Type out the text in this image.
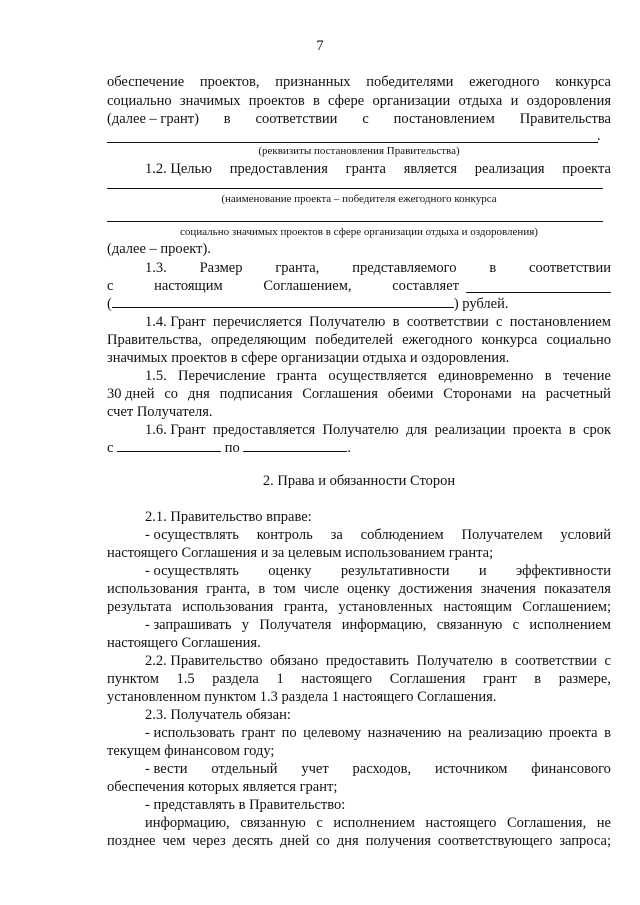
7
обеспечение проектов, признанных победителями ежегодного конкурса
социально значимых проектов в сфере организации отдыха и оздоровления
(далее – грант) в соответствии с постановлением Правительства
.
(реквизиты постановления Правительства)
1.2. Целью предоставления гранта является реализация проекта
(наименование проекта – победителя ежегодного конкурса
социально значимых проектов в сфере организации отдыха и оздоровления)
(далее – проект).
1.3. Размер гранта, представляемого в соответствии
с	настоящим	Соглашением,	составляет
(	) рублей.
1.4. Грант перечисляется Получателю в соответствии с постановлением
Правительства, определяющим победителей ежегодного конкурса социально
значимых проектов в сфере организации отдыха и оздоровления.
1.5. Перечисление гранта осуществляется единовременно в течение
30 дней со дня подписания Соглашения обеими Сторонами на расчетный
счет Получателя.
1.6. Грант предоставляется Получателю для реализации проекта в срок
с	по	.
2. Права и обязанности Сторон
2.1. Правительство вправе:
- осуществлять контроль за соблюдением Получателем условий
настоящего Соглашения и за целевым использованием гранта;
- осуществлять оценку результативности и эффективности
использования гранта, в том числе оценку достижения значения показателя
результата использования гранта, установленных настоящим Соглашением;
- запрашивать у Получателя информацию, связанную с исполнением
настоящего Соглашения.
2.2. Правительство обязано предоставить Получателю в соответствии с
пунктом 1.5 раздела 1 настоящего Соглашения грант в размере,
установленном пунктом 1.3 раздела 1 настоящего Соглашения.
2.3. Получатель обязан:
- использовать грант по целевому назначению на реализацию проекта в
текущем финансовом году;
- вести отдельный учет расходов, источником финансового
обеспечения которых является грант;
- представлять в Правительство:
информацию, связанную с исполнением настоящего Соглашения, не
позднее чем через десять дней со дня получения соответствующего запроса;
